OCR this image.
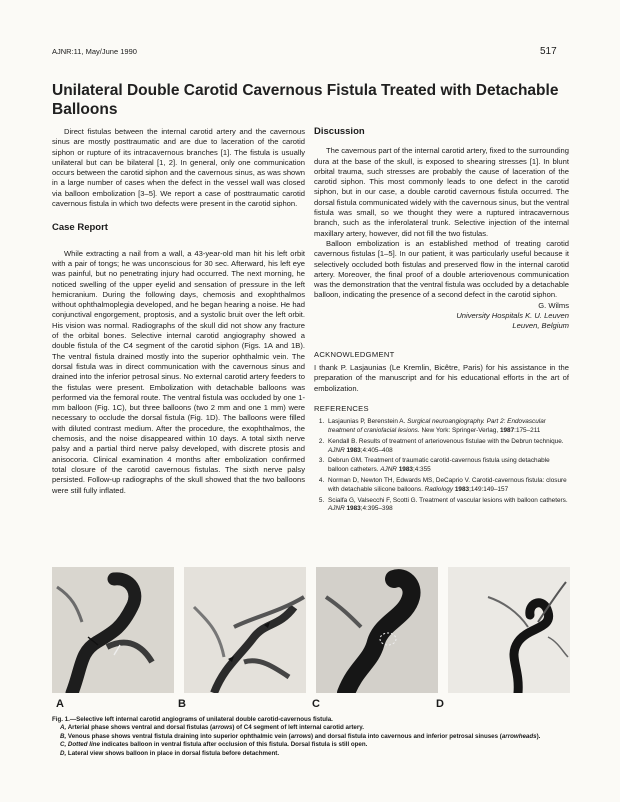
AJNR:11, May/June 1990	517
Unilateral Double Carotid Cavernous Fistula Treated with Detachable Balloons

Direct fistulas between the internal carotid artery and the cavernous sinus are mostly posttraumatic and are due to laceration of the carotid siphon or rupture of its intracavernous branches [1]. The fistula is usually unilateral but can be bilateral [1, 2]. In general, only one communication occurs between the carotid siphon and the cavernous sinus, as was shown in a large number of cases when the defect in the vessel wall was closed via balloon embolization [3–5]. We report a case of posttraumatic carotid cavernous fistula in which two defects were present in the carotid siphon.

Case Report

While extracting a nail from a wall, a 43-year-old man hit his left orbit with a pair of tongs; he was unconscious for 30 sec. Afterward, his left eye was painful, but no penetrating injury had occurred. The next morning, he noticed swelling of the upper eyelid and sensation of pressure in the left hemicranium. During the following days, chemosis and exophthalmos without ophthalmoplegia developed, and he began hearing a noise. He had conjunctival engorgement, proptosis, and a systolic bruit over the left orbit. His vision was normal. Radiographs of the skull did not show any fracture of the orbital bones. Selective internal carotid angiography showed a double fistula of the C4 segment of the carotid siphon (Figs. 1A and 1B). The ventral fistula drained mostly into the superior ophthalmic vein. The dorsal fistula was in direct communication with the cavernous sinus and drained into the inferior petrosal sinus. No external carotid artery feeders to the fistulas were present. Embolization with detachable balloons was performed via the femoral route. The ventral fistula was occluded by one 1-mm balloon (Fig. 1C), but three balloons (two 2 mm and one 1 mm) were necessary to occlude the dorsal fistula (Fig. 1D). The balloons were filled with diluted contrast medium. After the procedure, the exophthalmos, the chemosis, and the noise disappeared within 10 days. A total sixth nerve palsy and a partial third nerve palsy developed, with discrete ptosis and anisocoria. Clinical examination 4 months after embolization confirmed total closure of the carotid cavernous fistulas. The sixth nerve palsy persisted. Follow-up radiographs of the skull showed that the two balloons were still fully inflated.

Discussion

The cavernous part of the internal carotid artery, fixed to the surrounding dura at the base of the skull, is exposed to shearing stresses [1]. In blunt orbital trauma, such stresses are probably the cause of laceration of the carotid siphon. This most commonly leads to one defect in the carotid siphon, but in our case, a double carotid cavernous fistula occurred. The dorsal fistula communicated widely with the cavernous sinus, but the ventral fistula was small, so we thought they were a ruptured intracavernous branch, such as the inferolateral trunk. Selective injection of the internal maxillary artery, however, did not fill the two fistulas.

Balloon embolization is an established method of treating carotid cavernous fistulas [1–5]. In our patient, it was particularly useful because it selectively occluded both fistulas and preserved flow in the internal carotid artery. Moreover, the final proof of a double arteriovenous communication was the demonstration that the ventral fistula was occluded by a detachable balloon, indicating the presence of a second defect in the carotid siphon.

G. Wilms
University Hospitals K. U. Leuven
Leuven, Belgium
ACKNOWLEDGMENT

I thank P. Lasjaunias (Le Kremlin, Bicêtre, Paris) for his assistance in the preparation of the manuscript and for his educational efforts in the art of embolization.

REFERENCES
1. Lasjaunias P, Berenstein A. Surgical neuroangiography. Part 2: Endovascular treatment of craniofacial lesions. New York: Springer-Verlag, 1987:175–211
2. Kendall B. Results of treatment of arteriovenous fistulae with the Debrun technique. AJNR 1983;4:405–408
3. Debrun GM. Treatment of traumatic carotid-cavernous fistula using detachable balloon catheters. AJNR 1983;4:355
4. Norman D, Newton TH, Edwards MS, DeCaprio V. Carotid-cavernous fistula: closure with detachable silicone balloons. Radiology 1983;149:149–157
5. Scialfa G, Valsecchi F, Scotti G. Treatment of vascular lesions with balloon catheters. AJNR 1983;4:395–398
A	B	C	D

Fig. 1.—Selective left internal carotid angiograms of unilateral double carotid-cavernous fistula.

A, Arterial phase shows ventral and dorsal fistulas (arrows) of C4 segment of left internal carotid artery.

B, Venous phase shows ventral fistula draining into superior ophthalmic vein (arrows) and dorsal fistula into cavernous and inferior petrosal sinuses (arrowheads).

C, Dotted line indicates balloon in ventral fistula after occlusion of this fistula. Dorsal fistula is still open.

D, Lateral view shows balloon in place in dorsal fistula before detachment.
